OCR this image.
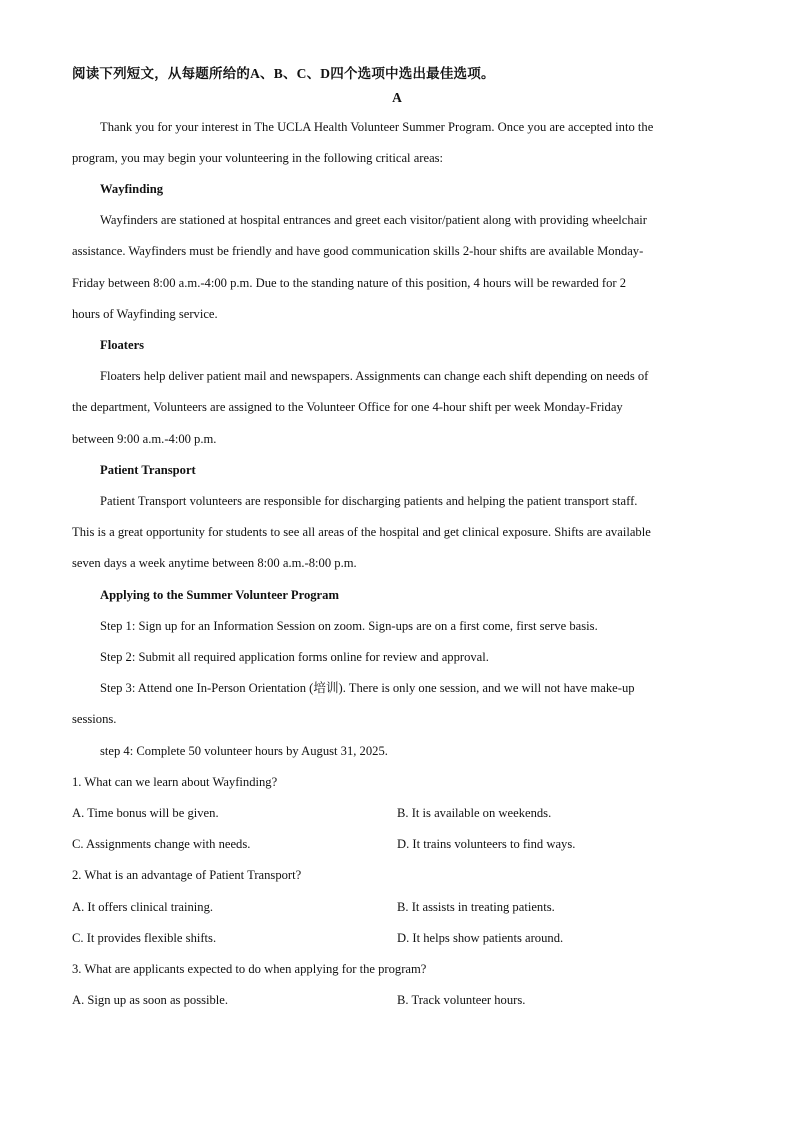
阅读下列短文，从每题所给的A、B、C、D四个选项中选出最佳选项。
A
Thank you for your interest in The UCLA Health Volunteer Summer Program. Once you are accepted into the
program, you may begin your volunteering in the following critical areas:
Wayfinding
Wayfinders are stationed at hospital entrances and greet each visitor/patient along with providing wheelchair
assistance. Wayfinders must be friendly and have good communication skills 2-hour shifts are available Monday-
Friday between 8:00 a.m.-4:00 p.m. Due to the standing nature of this position, 4 hours will be rewarded for 2
hours of Wayfinding service.
Floaters
Floaters help deliver patient mail and newspapers. Assignments can change each shift depending on needs of
the department, Volunteers are assigned to the Volunteer Office for one 4-hour shift per week Monday-Friday
between 9:00 a.m.-4:00 p.m.
Patient Transport
Patient Transport volunteers are responsible for discharging patients and helping the patient transport staff.
This is a great opportunity for students to see all areas of the hospital and get clinical exposure. Shifts are available
seven days a week anytime between 8:00 a.m.-8:00 p.m.
Applying to the Summer Volunteer Program
Step 1: Sign up for an Information Session on zoom. Sign-ups are on a first come, first serve basis.
Step 2: Submit all required application forms online for review and approval.
Step 3: Attend one In-Person Orientation (培训). There is only one session, and we will not have make-up
sessions.
step 4: Complete 50 volunteer hours by August 31, 2025.
1. What can we learn about Wayfinding?
A. Time bonus will be given.	B. It is available on weekends.
C. Assignments change with needs.	D. It trains volunteers to find ways.
2. What is an advantage of Patient Transport?
A. It offers clinical training.	B. It assists in treating patients.
C. It provides flexible shifts.	D. It helps show patients around.
3. What are applicants expected to do when applying for the program?
A. Sign up as soon as possible.	B. Track volunteer hours.
